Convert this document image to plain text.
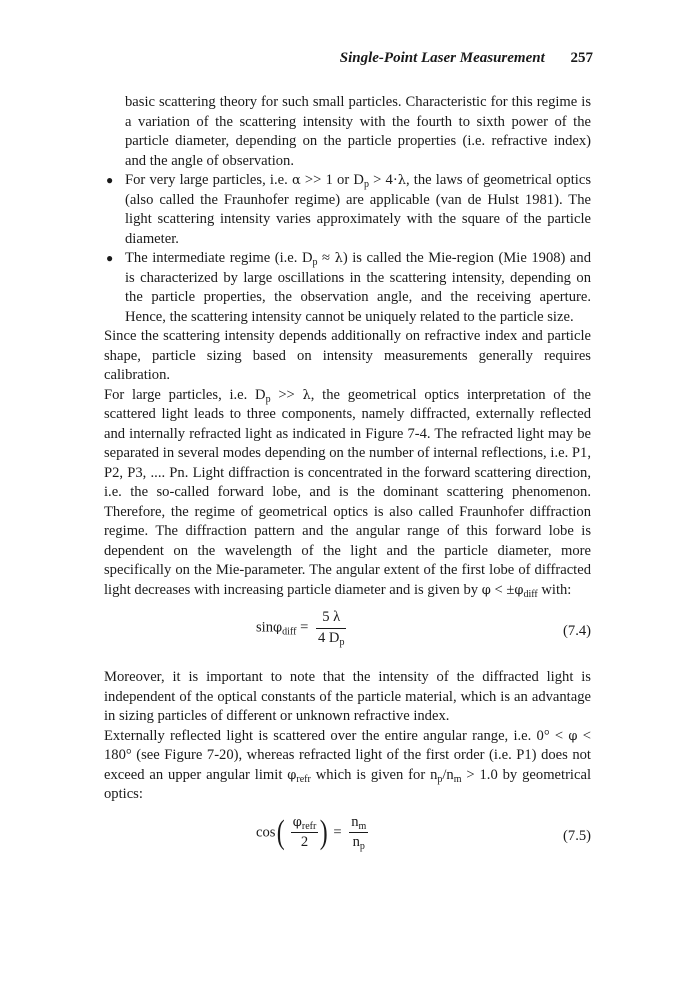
Single-Point Laser Measurement 257

basic scattering theory for such small particles. Characteristic for this regime is a variation of the scattering intensity with the fourth to sixth power of the particle diameter, depending on the particle properties (i.e. refractive index) and the angle of observation.

● For very large particles, i.e. α >> 1 or $D_p > 4\cdot\lambda$, the laws of geometrical optics (also called the Fraunhofer regime) are applicable (van de Hulst 1981). The light scattering intensity varies approximately with the square of the particle diameter.
● The intermediate regime (i.e. $D_p \approx \lambda$) is called the Mie-region (Mie 1908) and is characterized by large oscillations in the scattering intensity, depending on the particle properties, the observation angle, and the receiving aperture. Hence, the scattering intensity cannot be uniquely related to the particle size.

Since the scattering intensity depends additionally on refractive index and particle shape, particle sizing based on intensity measurements generally requires calibration.

For large particles, i.e. $D_p >> \lambda$, the geometrical optics interpretation of the scattered light leads to three components, namely diffracted, externally reflected and internally refracted light as indicated in Figure 7-4. The refracted light may be separated in several modes depending on the number of internal reflections, i.e. P1, P2, P3, .... Pn. Light diffraction is concentrated in the forward scattering direction, i.e. the so-called forward lobe, and is the dominant scattering phenomenon. Therefore, the regime of geometrical optics is also called Fraunhofer diffraction regime. The diffraction pattern and the angular range of this forward lobe is dependent on the wavelength of the light and the particle diameter, more specifically on the Mie-parameter. The angular extent of the first lobe of diffracted light decreases with increasing particle diameter and is given by $\varphi < \pm\varphi_{diff}$ with:

$\sin\varphi_{diff} = \frac{5 \lambda}{4 D_p}$	(7.4)

Moreover, it is important to note that the intensity of the diffracted light is independent of the optical constants of the particle material, which is an advantage in sizing particles of different or unknown refractive index.

Externally reflected light is scattered over the entire angular range, i.e. 0° < φ < 180° (see Figure 7-20), whereas refracted light of the first order (i.e. P1) does not exceed an upper angular limit $\varphi_{refr}$ which is given for $n_p/n_m > 1.0$ by geometrical optics:

$\cos( \frac{\varphi_{refr}}{2}$ ) = $\frac{n_m}{n_p}$	(7.5)
